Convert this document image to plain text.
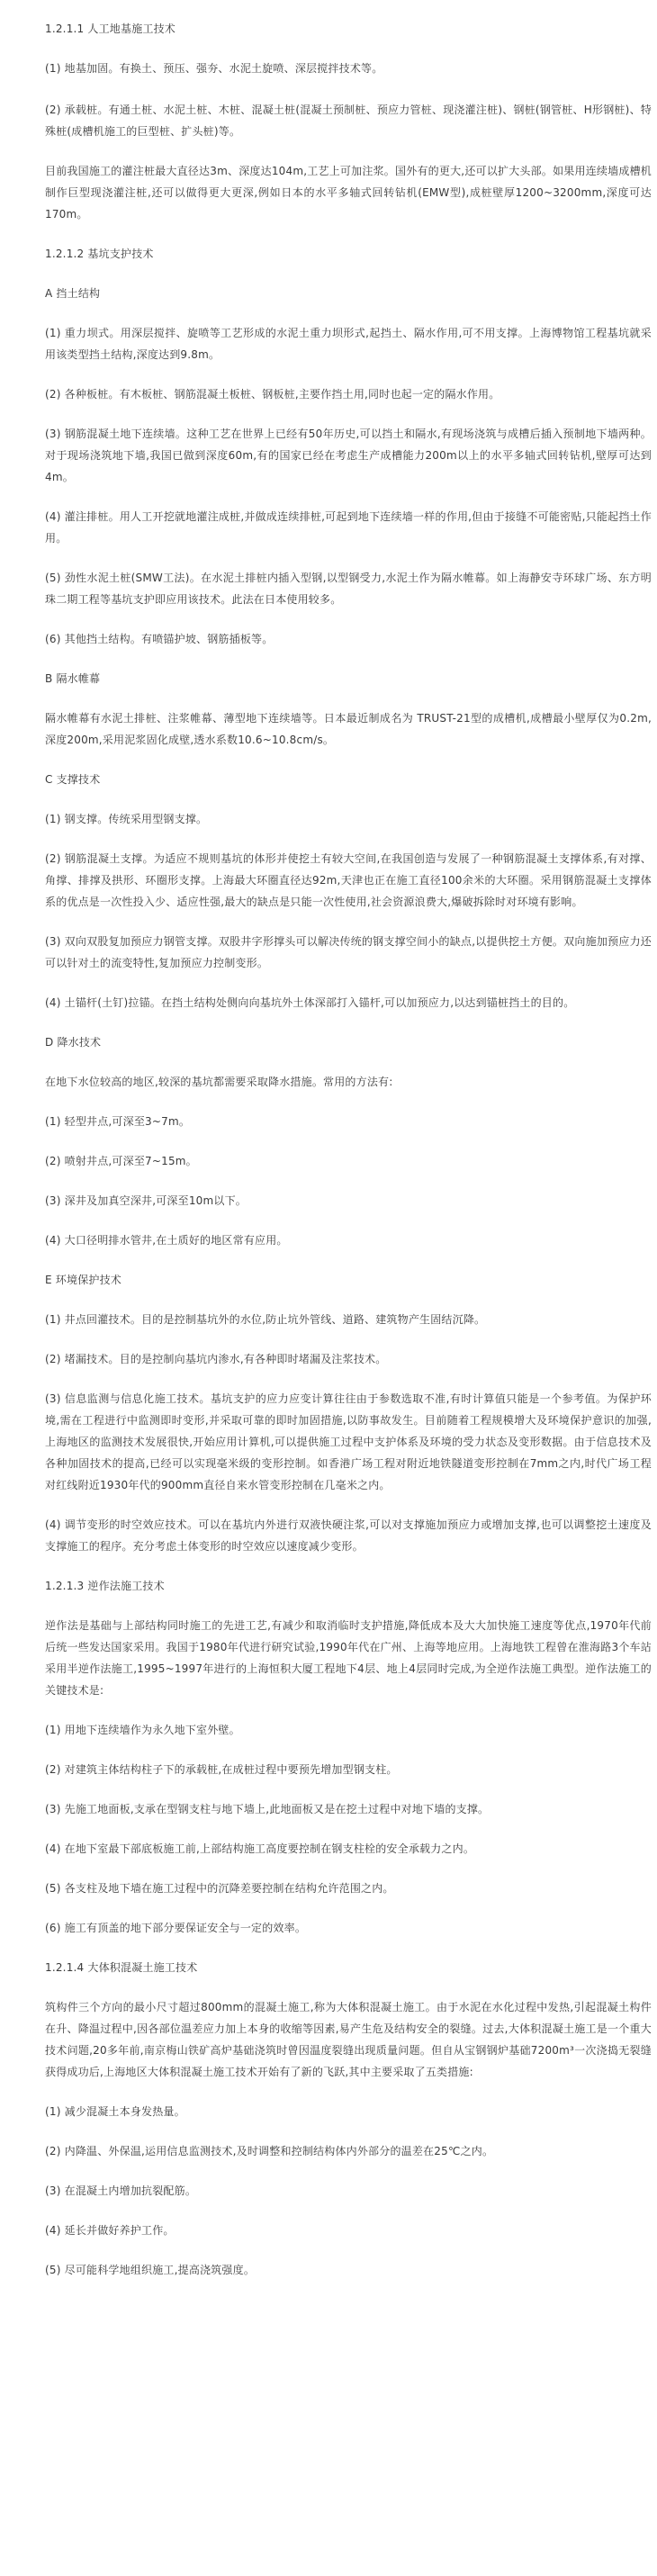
1.2.1.1 人工地基施工技术

(1) 地基加固。有换土、预压、强夯、水泥土旋喷、深层搅拌技术等。

(2) 承载桩。有通土桩、水泥土桩、木桩、混凝土桩(混凝土预制桩、预应力管桩、现浇灌注桩)、钢桩(钢管桩、H形钢桩)、特殊桩(成槽机施工的巨型桩、扩头桩)等。

目前我国施工的灌注桩最大直径达3m、深度达104m,工艺上可加注浆。国外有的更大,还可以扩大头部。如果用连续墙成槽机制作巨型现浇灌注桩,还可以做得更大更深,例如日本的水平多轴式回转钻机(EMW型),成桩壁厚1200~3200mm,深度可达170m。

1.2.1.2 基坑支护技术

A 挡土结构

(1) 重力坝式。用深层搅拌、旋喷等工艺形成的水泥土重力坝形式,起挡土、隔水作用,可不用支撑。上海博物馆工程基坑就采用该类型挡土结构,深度达到9.8m。

(2) 各种板桩。有木板桩、钢筋混凝土板桩、钢板桩,主要作挡土用,同时也起一定的隔水作用。

(3) 钢筋混凝土地下连续墙。这种工艺在世界上已经有50年历史,可以挡土和隔水,有现场浇筑与成槽后插入预制地下墙两种。对于现场浇筑地下墙,我国已做到深度60m,有的国家已经在考虑生产成槽能力200m以上的水平多轴式回转钻机,壁厚可达到4m。

(4) 灌注排桩。用人工开挖就地灌注成桩,并做成连续排桩,可起到地下连续墙一样的作用,但由于接缝不可能密贴,只能起挡土作用。

(5) 劲性水泥土桩(SMW工法)。在水泥土排桩内插入型钢,以型钢受力,水泥土作为隔水帷幕。如上海静安寺环球广场、东方明珠二期工程等基坑支护即应用该技术。此法在日本使用较多。

(6) 其他挡土结构。有喷锚护坡、钢筋插板等。

B 隔水帷幕

隔水帷幕有水泥土排桩、注浆帷幕、薄型地下连续墙等。日本最近制成名为 TRUST-21型的成槽机,成槽最小壁厚仅为0.2m,深度200m,采用泥浆固化成壁,透水系数10.6~10.8cm/s。

C 支撑技术

(1) 钢支撑。传统采用型钢支撑。

(2) 钢筋混凝土支撑。为适应不规则基坑的体形并使挖土有较大空间,在我国创造与发展了一种钢筋混凝土支撑体系,有对撑、角撑、排撑及拱形、环圈形支撑。上海最大环圈直径达92m,天津也正在施工直径100余米的大环圈。采用钢筋混凝土支撑体系的优点是一次性投入少、适应性强,最大的缺点是只能一次性使用,社会资源浪费大,爆破拆除时对环境有影响。

(3) 双向双股复加预应力钢管支撑。双股井字形撑头可以解决传统的钢支撑空间小的缺点,以提供挖土方便。双向施加预应力还可以针对土的流变特性,复加预应力控制变形。

(4) 土锚杆(土钉)拉锚。在挡土结构处侧向向基坑外土体深部打入锚杆,可以加预应力,以达到锚桩挡土的目的。

D 降水技术

在地下水位较高的地区,较深的基坑都需要采取降水措施。常用的方法有:

(1) 轻型井点,可深至3~7m。

(2) 喷射井点,可深至7~15m。

(3) 深井及加真空深井,可深至10m以下。

(4) 大口径明排水管井,在土质好的地区常有应用。

E 环境保护技术

(1) 井点回灌技术。目的是控制基坑外的水位,防止坑外管线、道路、建筑物产生固结沉降。

(2) 堵漏技术。目的是控制向基坑内渗水,有各种即时堵漏及注浆技术。

(3) 信息监测与信息化施工技术。基坑支护的应力应变计算往往由于参数选取不准,有时计算值只能是一个参考值。为保护环境,需在工程进行中监测即时变形,并采取可靠的即时加固措施,以防事故发生。目前随着工程规模增大及环境保护意识的加强,上海地区的监测技术发展很快,开始应用计算机,可以提供施工过程中支护体系及环境的受力状态及变形数据。由于信息技术及各种加固技术的提高,已经可以实现毫米级的变形控制。如香港广场工程对附近地铁隧道变形控制在7mm之内,时代广场工程对红线附近1930年代的900mm直径自来水管变形控制在几毫米之内。

(4) 调节变形的时空效应技术。可以在基坑内外进行双液快硬注浆,可以对支撑施加预应力或增加支撑,也可以调整挖土速度及支撑施工的程序。充分考虑土体变形的时空效应以速度减少变形。

1.2.1.3 逆作法施工技术

逆作法是基础与上部结构同时施工的先进工艺,有减少和取消临时支护措施,降低成本及大大加快施工速度等优点,1970年代前后统一些发达国家采用。我国于1980年代进行研究试验,1990年代在广州、上海等地应用。上海地铁工程曾在淮海路3个车站采用半逆作法施工,1995~1997年进行的上海恒积大厦工程地下4层、地上4层同时完成,为全逆作法施工典型。逆作法施工的关键技术是:

(1) 用地下连续墙作为永久地下室外壁。

(2) 对建筑主体结构柱子下的承载桩,在成桩过程中要预先增加型钢支柱。

(3) 先施工地面板,支承在型钢支柱与地下墙上,此地面板又是在挖土过程中对地下墙的支撑。

(4) 在地下室最下部底板施工前,上部结构施工高度要控制在钢支柱栓的安全承载力之内。

(5) 各支柱及地下墙在施工过程中的沉降差要控制在结构允许范围之内。

(6) 施工有顶盖的地下部分要保证安全与一定的效率。

1.2.1.4 大体积混凝土施工技术

筑构件三个方向的最小尺寸超过800mm的混凝土施工,称为大体积混凝土施工。由于水泥在水化过程中发热,引起混凝土构件在升、降温过程中,因各部位温差应力加上本身的收缩等因素,易产生危及结构安全的裂缝。过去,大体积混凝土施工是一个重大技术问题,20多年前,南京梅山铁矿高炉基础浇筑时曾因温度裂缝出现质量问题。但自从宝钢钢炉基础7200m³一次浇捣无裂缝获得成功后,上海地区大体积混凝土施工技术开始有了新的飞跃,其中主要采取了五类措施:

(1) 减少混凝土本身发热量。

(2) 内降温、外保温,运用信息监测技术,及时调整和控制结构体内外部分的温差在25℃之内。

(3) 在混凝土内增加抗裂配筋。

(4) 延长并做好养护工作。

(5) 尽可能科学地组织施工,提高浇筑强度。
